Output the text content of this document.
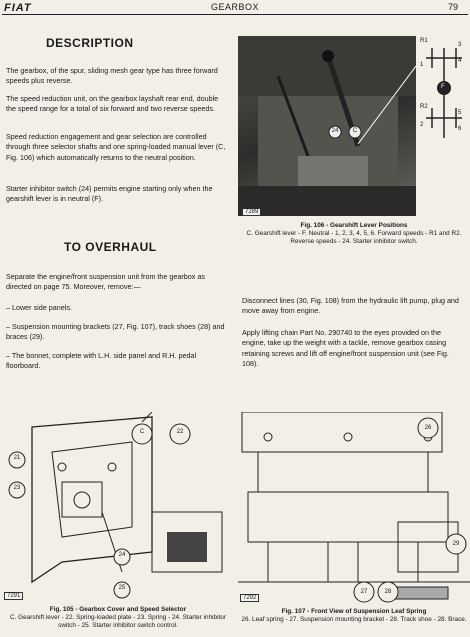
FIAT	GEARBOX	79
DESCRIPTION
The gearbox, of the spur, sliding mesh gear type has three forward speeds plus reverse.
The speed reduction unit, on the gearbox layshaft rear end, double the speed range for a total of six forward and two reverse speeds.
Speed reduction engagement and gear selection are controlled through three selector shafts and one spring-loaded manual lever (C, Fig. 106) which automatically returns to the neutral position.
Starter inhibitor switch (24) permits engine starting only when the gearshift lever is in neutral (F).
24	C
7289
R1
1
3
4
F
R2
2
5
6
Fig. 106 - Gearshift Lever Positions
C. Gearshift lever - F. Neutral - 1, 2, 3, 4, 5, 6. Forward speeds - R1 and R2. Reverse speeds - 24. Starter inhibitor switch.
TO OVERHAUL
Separate the engine/front suspension unit from the gearbox as directed on page 75. Moreover, remove:—
– Lower side panels.
– Suspension mounting brackets (27, Fig. 107), track shoes (28) and braces (29).
– The bonnet, complete with L.H. side panel and R.H. pedal floorboard.
Disconnect lines (30, Fig. 108) from the hydraulic lift pump, plug and move away from engine.
Apply lifting chain Part No. 290740 to the eyes provided on the engine, take up the weight with a tackle, remove gearbox casing retaining screws and lift off engine/front suspension unit (see Fig. 108).
C	22
21
23
24
25
7291
Fig. 105 - Gearbox Cover and Speed Selector
C. Gearshift lever - 22. Spring-loaded plate - 23. Spring - 24. Starter inhibitor switch - 25. Starter inhibitor switch control.
26
29
27	28
7292
Fig. 107 - Front View of Suspension Leaf Spring
26. Leaf spring - 27. Suspension mounting bracket - 28. Track shoe - 28. Brace.
